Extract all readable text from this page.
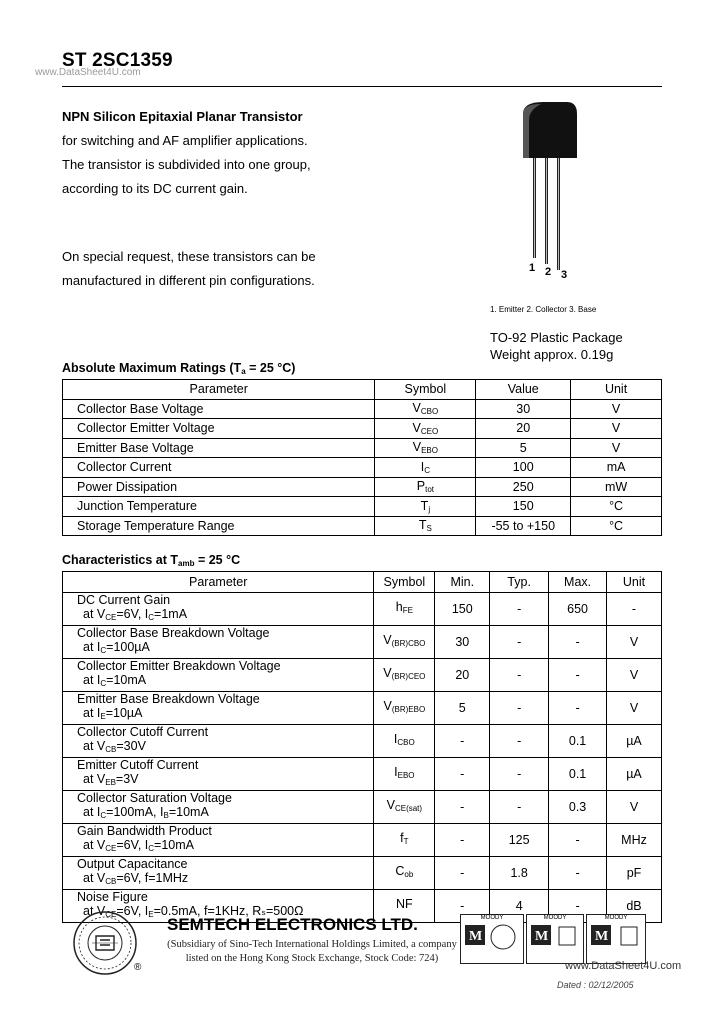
ST 2SC1359
www.DataSheet4U.com
NPN Silicon Epitaxial Planar Transistor
for switching and AF amplifier applications.
The transistor is subdivided into one group,
according to its DC current gain.
On special request, these transistors can be
manufactured in different pin configurations.
1 2 3
1. Emitter 2. Collector 3. Base
TO-92 Plastic Package
Weight approx. 0.19g
Absolute Maximum Ratings ($T_a = 25$ °C)
Parameter	Symbol	Value	Unit
Collector Base Voltage	$V_{CBO}$	30	V
Collector Emitter Voltage	$V_{CEO}$	20	V
Emitter Base Voltage	$V_{EBO}$	5	V
Collector Current	$I_C$	100	mA
Power Dissipation	$P_{tot}$	250	mW
Junction Temperature	$T_j$	150	°C
Storage Temperature Range	$T_S$	-55 to +150	°C
Characteristics at $T_{amb} = 25$ °C
Parameter	Symbol	Min.	Typ.	Max.	Unit

DC Current Gain
at $V_{CE}=6V$, $I_C=1mA$	$h_{FE}$	150	-	650	-

Collector Base Breakdown Voltage
at $I_C=100\mu A$	$V_{(BR)CBO}$	30	-	-	V

Collector Emitter Breakdown Voltage
at $I_C=10mA$	$V_{(BR)CEO}$	20	-	-	V

Emitter Base Breakdown Voltage
at $I_E=10\mu A$	$V_{(BR)EBO}$	5	-	-	V

Collector Cutoff Current
at $V_{CB}=30V$	$I_{CBO}$	-	-	0.1	µA

Emitter Cutoff Current
at $V_{EB}=3V$	$I_{EBO}$	-	-	0.1	µA

Collector Saturation Voltage
at $I_C=100mA$, $I_B=10mA$	$V_{CE(sat)}$	-	-	0.3	V

Gain Bandwidth Product
at $V_{CE}=6V$, $I_C=10mA$	$f_T$	-	125	-	MHz

Output Capacitance
at $V_{CB}=6V$, f=1MHz	$C_{ob}$	-	1.8	-	pF

Noise Figure
at $V_{CE}=6V$, $I_E=0.5mA$, f=1KHz, Rₛ=500Ω	NF	-	4	-	dB
®
SEMTECH ELECTRONICS LTD.
(Subsidiary of Sino-Tech International Holdings Limited, a company
listed on the Hong Kong Stock Exchange, Stock Code: 724)
MOODY
M
MOODY
M
MOODY
M
www.DataSheet4U.com
Dated : 02/12/2005
